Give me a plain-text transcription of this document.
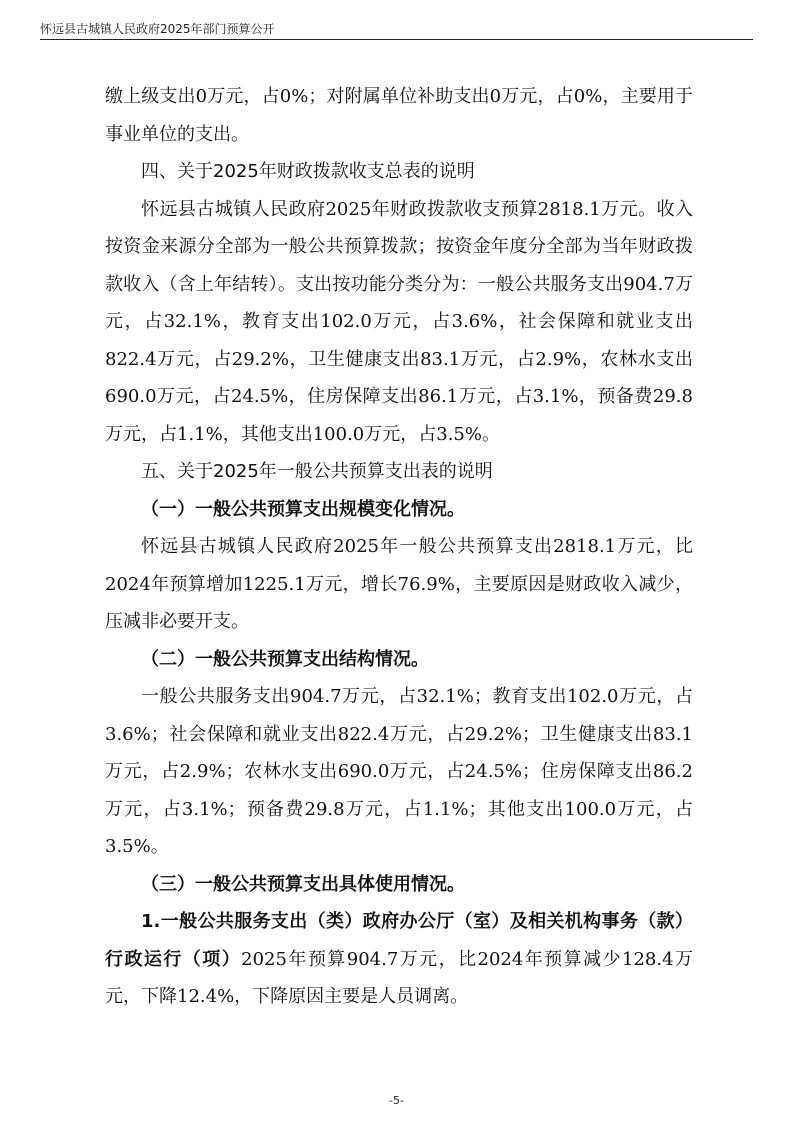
怀远县古城镇人民政府2025年部门预算公开

缴上级支出0万元，占0%；对附属单位补助支出0万元，占0%，主要用于事业单位的支出。

四、关于2025年财政拨款收支总表的说明

怀远县古城镇人民政府2025年财政拨款收支预算2818.1万元。收入按资金来源分全部为一般公共预算拨款；按资金年度分全部为当年财政拨款收入（含上年结转）。支出按功能分类分为：一般公共服务支出904.7万元，占32.1%，教育支出102.0万元，占3.6%，社会保障和就业支出822.4万元，占29.2%，卫生健康支出83.1万元，占2.9%，农林水支出690.0万元，占24.5%，住房保障支出86.1万元，占3.1%，预备费29.8万元，占1.1%，其他支出100.0万元，占3.5%。

五、关于2025年一般公共预算支出表的说明

（一）一般公共预算支出规模变化情况。

怀远县古城镇人民政府2025年一般公共预算支出2818.1万元，比2024年预算增加1225.1万元，增长76.9%，主要原因是财政收入减少，压减非必要开支。

（二）一般公共预算支出结构情况。

一般公共服务支出904.7万元，占32.1%；教育支出102.0万元，占3.6%；社会保障和就业支出822.4万元，占29.2%；卫生健康支出83.1万元，占2.9%；农林水支出690.0万元，占24.5%；住房保障支出86.2万元，占3.1%；预备费29.8万元，占1.1%；其他支出100.0万元，占3.5%。

（三）一般公共预算支出具体使用情况。

1.一般公共服务支出（类）政府办公厅（室）及相关机构事务（款）行政运行（项）2025年预算904.7万元，比2024年预算减少128.4万元，下降12.4%，下降原因主要是人员调离。

-5-
